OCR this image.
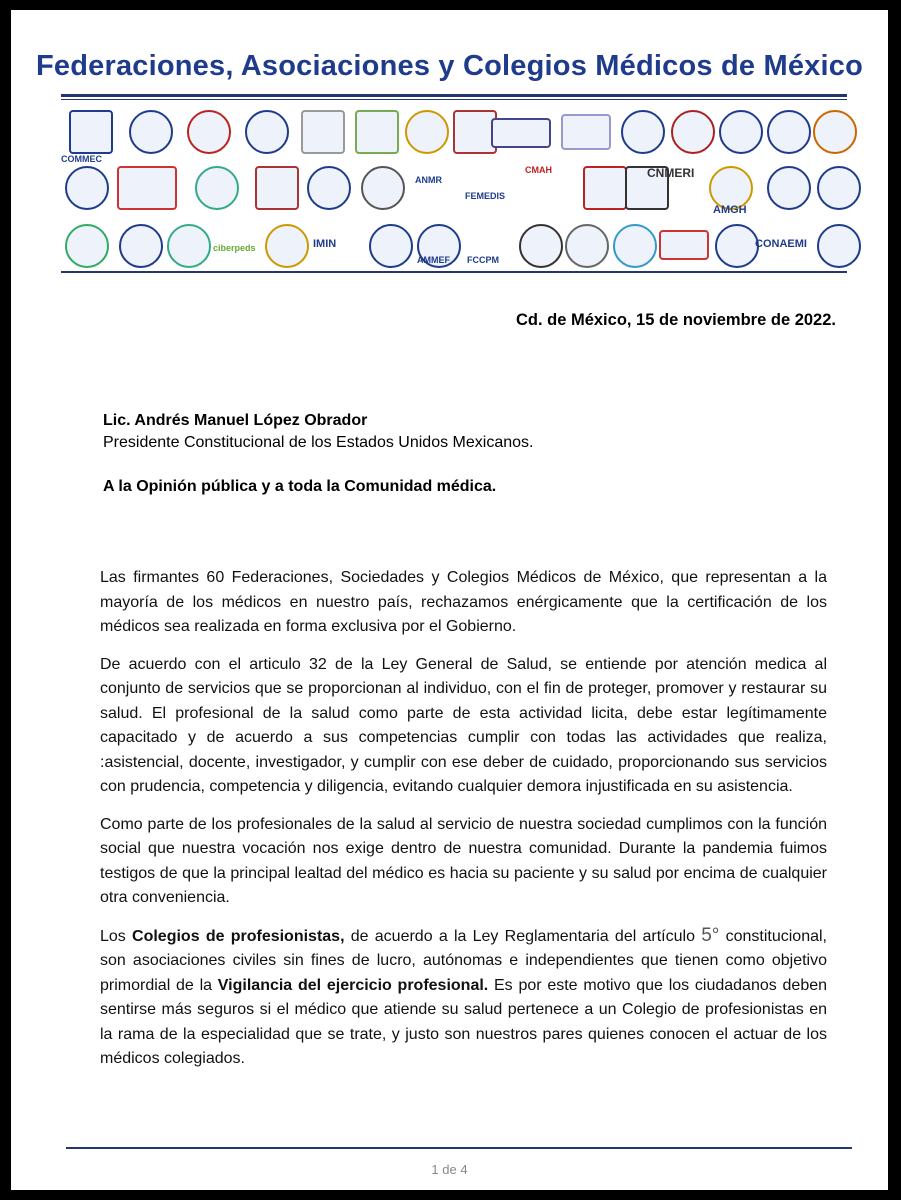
Federaciones, Asociaciones y Colegios Médicos de México
COMMEC
ANMR
FEMEDIS
CMAH	CNMERI
AMGH
ciberpeds	IMIN
AMMEF	FCCPM
CONAEMI
Cd. de México, 15 de noviembre de 2022.
Lic. Andrés Manuel López Obrador
Presidente Constitucional de los Estados Unidos Mexicanos.
A la Opinión pública y a toda la Comunidad médica.

Las firmantes 60 Federaciones, Sociedades y Colegios Médicos de México, que representan a la mayoría de los médicos en nuestro país, rechazamos enérgicamente que la certificación de los médicos sea realizada en forma exclusiva por el Gobierno.

De acuerdo con el articulo 32 de la Ley General de Salud, se entiende por atención medica al conjunto de servicios que se proporcionan al individuo, con el fin de proteger, promover y restaurar su salud. El profesional de la salud como parte de esta actividad licita, debe estar legítimamente capacitado y de acuerdo a sus competencias cumplir con todas las actividades que realiza, :asistencial, docente, investigador, y cumplir con ese deber de cuidado, proporcionando sus servicios con prudencia, competencia y diligencia, evitando cualquier demora injustificada en su asistencia.

Como parte de los profesionales de la salud al servicio de nuestra sociedad cumplimos con la función social que nuestra vocación nos exige dentro de nuestra comunidad. Durante la pandemia fuimos testigos de que la principal lealtad del médico es hacia su paciente y su salud por encima de cualquier otra conveniencia.

Los Colegios de profesionistas, de acuerdo a la Ley Reglamentaria del artículo 5° constitucional, son asociaciones civiles sin fines de lucro, autónomas e independientes que tienen como objetivo primordial de la Vigilancia del ejercicio profesional. Es por este motivo que los ciudadanos deben sentirse más seguros si el médico que atiende su salud pertenece a un Colegio de profesionistas en la rama de la especialidad que se trate, y justo son nuestros pares quienes conocen el actuar de los médicos colegiados.

1 de 4
